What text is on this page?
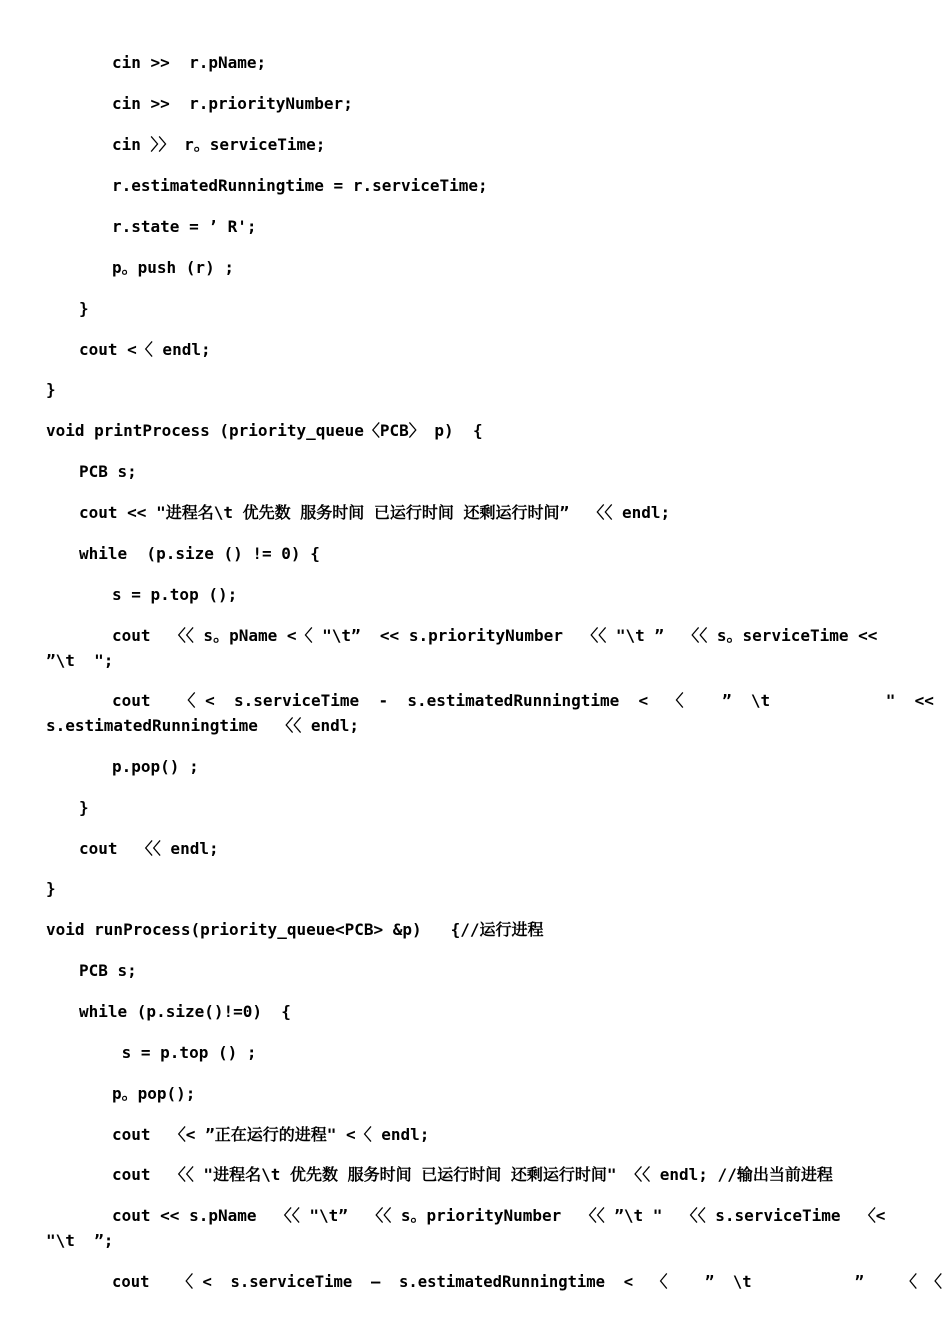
cin >>  r.pName;
cin >>  r.priorityNumber;
cin 〉〉 r。serviceTime;
r.estimatedRunningtime = r.serviceTime;
r.state = ’ R';
p。push (r) ;
}
cout <〈 endl;
}
void printProcess (priority_queue〈PCB〉 p)  {
PCB s;
cout << "进程名\t 优先数 服务时间 已运行时间 还剩运行时间”  〈〈 endl;
while  (p.size () != 0) {
s = p.top ();
cout  〈〈 s。pName <〈 "\t”  << s.priorityNumber  〈〈 "\t ”  〈〈 s。serviceTime <<
”\t  ";
cout   〈 <  s.serviceTime  -  s.estimatedRunningtime  <  〈    ”  \t            "  <<
s.estimatedRunningtime  〈〈 endl;
p.pop() ;
}
cout  〈〈 endl;
}
void runProcess(priority_queue<PCB> &p)   {//运行进程
PCB s;
while (p.size()!=0)  {
s = p.top () ;
p。pop();
cout  〈< ”正在运行的进程" <〈 endl;
cout  〈〈 "进程名\t 优先数 服务时间 已运行时间 还剩运行时间" 〈〈 endl; //输出当前进程
cout << s.pName  〈〈 "\t”  〈〈 s。priorityNumber  〈〈 ”\t "  〈〈 s.serviceTime  〈<
"\t  ”;
cout   〈 <  s.serviceTime  —  s.estimatedRunningtime  <  〈    ”  \t           ”    〈 〈
